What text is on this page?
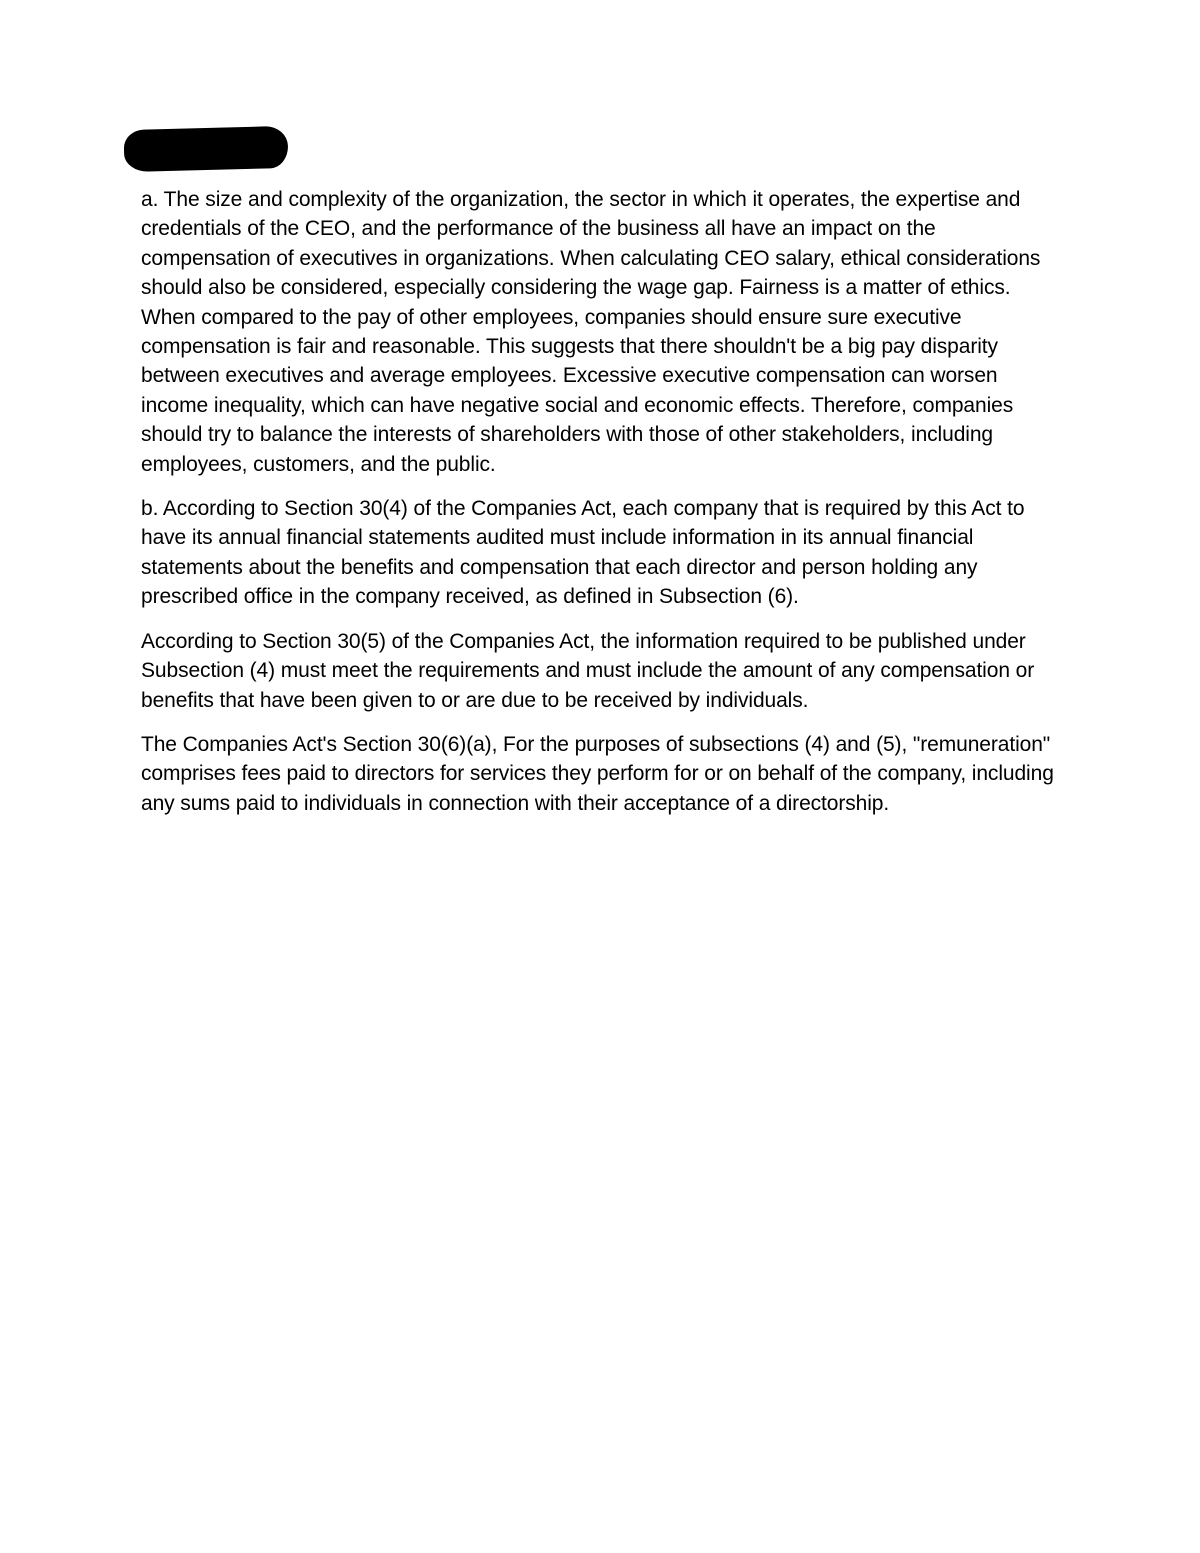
a. The size and complexity of the organization, the sector in which it operates, the expertise and credentials of the CEO, and the performance of the business all have an impact on the compensation of executives in organizations. When calculating CEO salary, ethical considerations should also be considered, especially considering the wage gap. Fairness is a matter of ethics. When compared to the pay of other employees, companies should ensure sure executive compensation is fair and reasonable. This suggests that there shouldn't be a big pay disparity between executives and average employees. Excessive executive compensation can worsen income inequality, which can have negative social and economic effects. Therefore, companies should try to balance the interests of shareholders with those of other stakeholders, including employees, customers, and the public.

b. According to Section 30(4) of the Companies Act, each company that is required by this Act to have its annual financial statements audited must include information in its annual financial statements about the benefits and compensation that each director and person holding any prescribed office in the company received, as defined in Subsection (6).

According to Section 30(5) of the Companies Act, the information required to be published under Subsection (4) must meet the requirements and must include the amount of any compensation or benefits that have been given to or are due to be received by individuals.

The Companies Act's Section 30(6)(a), For the purposes of subsections (4) and (5), "remuneration" comprises fees paid to directors for services they perform for or on behalf of the company, including any sums paid to individuals in connection with their acceptance of a directorship.
